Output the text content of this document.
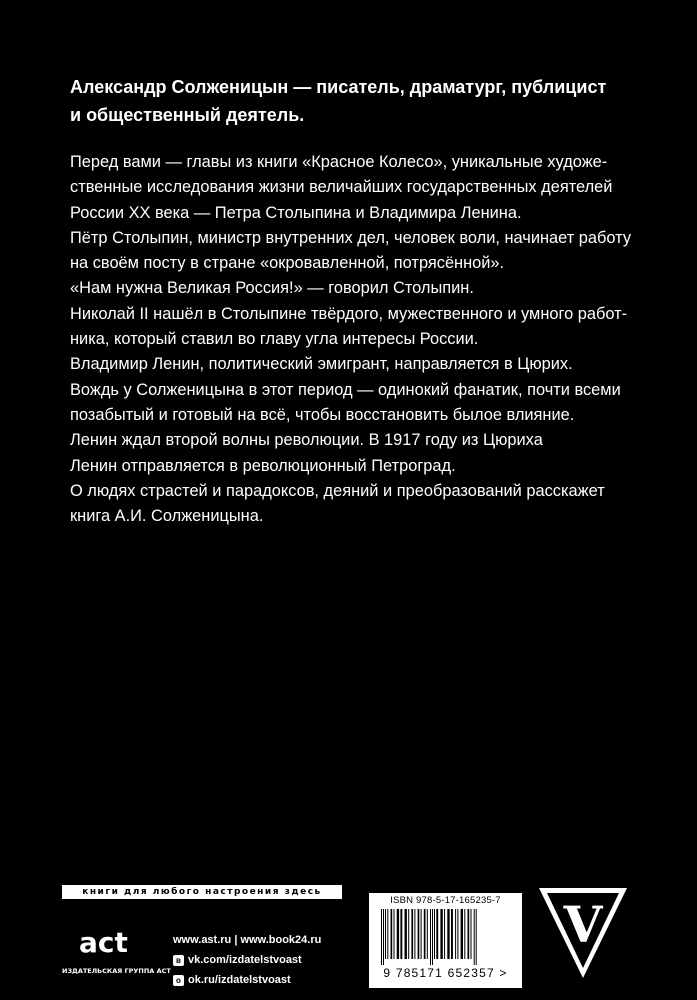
Александр Солженицын — писатель, драматург, публицист
и общественный деятель.
Перед вами — главы из книги «Красное Колесо», уникальные художе-
ственные исследования жизни величайших государственных деятелей
России XX века — Петра Столыпина и Владимира Ленина.
Пётр Столыпин, министр внутренних дел, человек воли, начинает работу
на своём посту в стране «окровавленной, потрясённой».
«Нам нужна Великая Россия!» — говорил Столыпин.
Николай II нашёл в Столыпине твёрдого, мужественного и умного работ-
ника, который ставил во главу угла интересы России.
Владимир Ленин, политический эмигрант, направляется в Цюрих.
Вождь у Солженицына в этот период — одинокий фанатик, почти всеми
позабытый и готовый на всё, чтобы восстановить былое влияние.
Ленин ждал второй волны революции. В 1917 году из Цюриха
Ленин отправляется в революционный Петроград.
О людях страстей и парадоксов, деяний и преобразований расскажет
книга А.И. Солженицына.
книги для любого настроения здесь
act
ИЗДАТЕЛЬСКАЯ ГРУППА АСТ
www.ast.ru | www.book24.ru
в vk.com/izdatelstvoast
о ok.ru/izdatelstvoast
ISBN 978-5-17-165235-7
9 785171 652357 >
V
